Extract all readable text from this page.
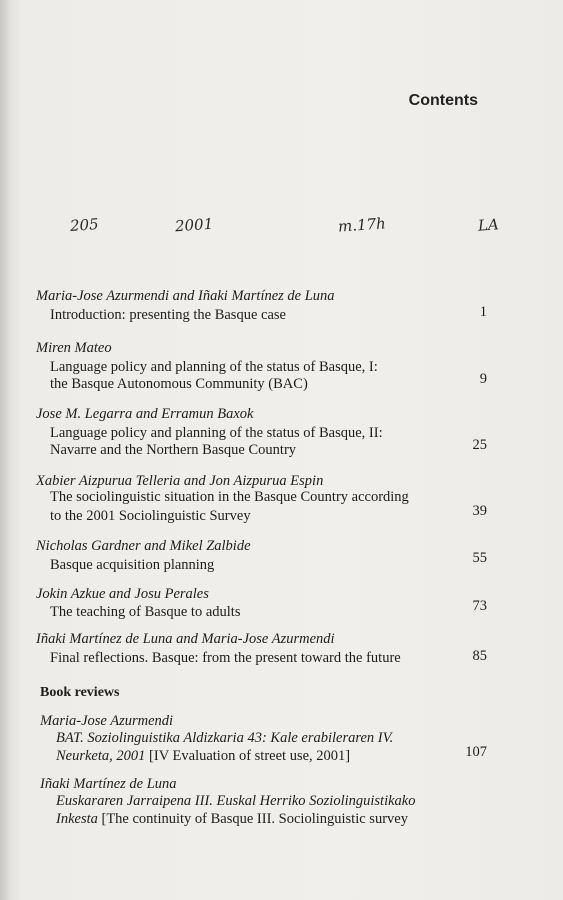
Contents
205	2001	m.17h	LA
Maria-Jose Azurmendi and Iñaki Martínez de Luna
Introduction: presenting the Basque case	1
Miren Mateo
Language policy and planning of the status of Basque, I:
the Basque Autonomous Community (BAC)	9
Jose M. Legarra and Erramun Baxok
Language policy and planning of the status of Basque, II:
Navarre and the Northern Basque Country	25
Xabier Aizpurua Telleria and Jon Aizpurua Espin
The sociolinguistic situation in the Basque Country according
to the 2001 Sociolinguistic Survey	39
Nicholas Gardner and Mikel Zalbide
Basque acquisition planning	55
Jokin Azkue and Josu Perales
The teaching of Basque to adults	73
Iñaki Martínez de Luna and Maria-Jose Azurmendi
Final reflections. Basque: from the present toward the future	85
Book reviews
Maria-Jose Azurmendi
BAT. Soziolinguistika Aldizkaria 43: Kale erabileraren IV.
Neurketa, 2001 [IV Evaluation of street use, 2001]	107
Iñaki Martínez de Luna
Euskararen Jarraipena III. Euskal Herriko Soziolinguistikako
Inkesta [The continuity of Basque III. Sociolinguistic survey
